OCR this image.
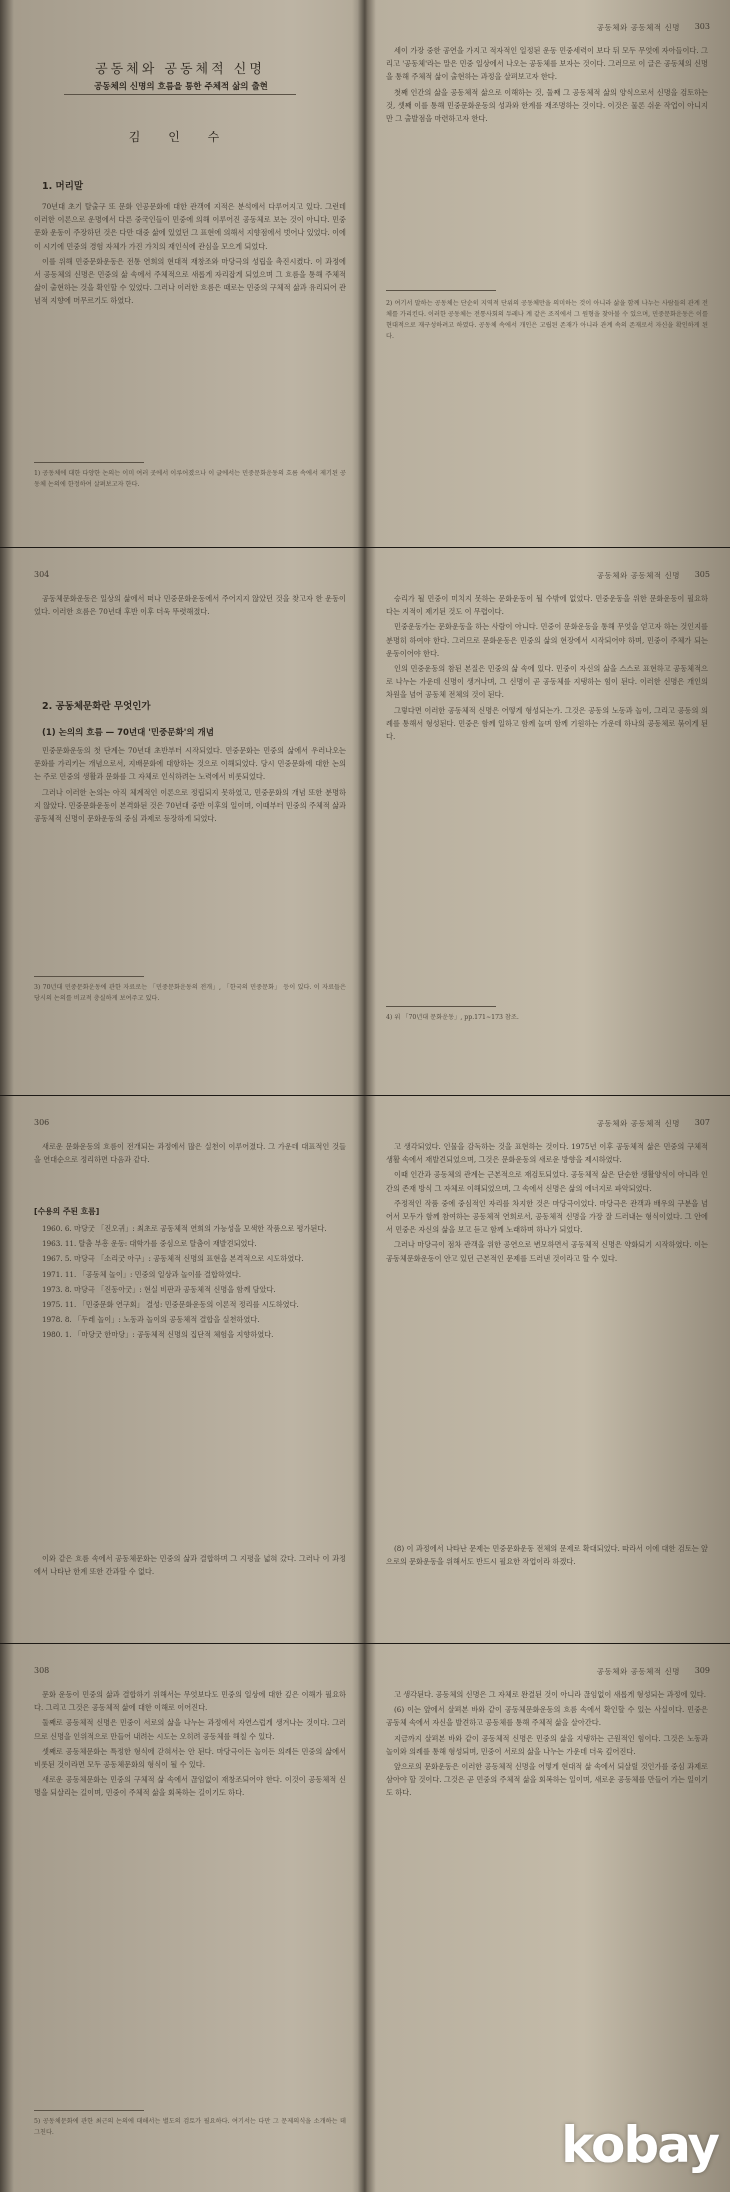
공동체와 공동체적 신명
공동체의 신명의 흐름을 통한 주체적 삶의 출현
김 인 수
1. 머리말

70년대 초기 탈출구 또 문화 인공문화에 대한 관객에 지적은 분석에서 다루어지고 있다. 그런데 이러한 이론으로 운명에서 다른 중국인들이 민중에 의해 이루어진 공동체로 보는 것이 아니다. 민중문화 운동이 주장하던 것은 다만 대중 삶에 있었던 그 표현에 의해서 지향점에서 벗어나 있었다. 이에 이 시기에 민중의 경험 자체가 가진 가치의 재인식에 관심을 모으게 되었다.

이를 위해 민중문화운동은 전통 연희의 현대적 재창조와 마당극의 성립을 촉진시켰다. 이 과정에서 공동체의 신명은 민중의 삶 속에서 주체적으로 새롭게 자리잡게 되었으며 그 흐름을 통해 주체적 삶이 출현하는 것을 확인할 수 있었다. 그러나 이러한 흐름은 때로는 민중의 구체적 삶과 유리되어 관념적 지향에 머무르기도 하였다.

1) 공동체에 대한 다양한 논의는 이미 여러 곳에서 이루어졌으나 이 글에서는 민중문화운동의 흐름 속에서 제기된 공동체 논의에 한정하여 살펴보고자 한다.
공동체와 공동체적 신명 303

세이 가장 중한 공연을 가지고 적자적인 일정된 운동 민중세력이 보다 뒤 모두 무엇에 자아들이다. 그리고 '공동체'라는 말은 민중 일상에서 나오는 공동체를 보자는 것이다. 그러므로 이 글은 공동체의 신명을 통해 주체적 삶이 출현하는 과정을 살펴보고자 한다.

첫째 인간의 삶을 공동체적 삶으로 이해하는 것, 둘째 그 공동체적 삶의 양식으로서 신명을 검토하는 것, 셋째 이를 통해 민중문화운동의 성과와 한계를 재조명하는 것이다. 이것은 물론 쉬운 작업이 아니지만 그 출발점을 마련하고자 한다.

2) 여기서 말하는 공동체는 단순히 지역적 단위의 공동체만을 의미하는 것이 아니라 삶을 함께 나누는 사람들의 관계 전체를 가리킨다. 이러한 공동체는 전통사회의 두레나 계 같은 조직에서 그 원형을 찾아볼 수 있으며, 민중문화운동은 이를 현대적으로 재구성하려고 하였다. 공동체 속에서 개인은 고립된 존재가 아니라 관계 속의 존재로서 자신을 확인하게 된다.
304

공동체문화운동은 일상의 삶에서 떠나 민중문화운동에서 주어지지 않았던 것을 찾고자 한 운동이었다. 이러한 흐름은 70년대 후반 이후 더욱 뚜렷해졌다.

2. 공동체문화란 무엇인가
(1) 논의의 흐름 — 70년대 '민중문화'의 개념

민중문화운동의 첫 단계는 70년대 초반부터 시작되었다. 민중문화는 민중의 삶에서 우러나오는 문화를 가리키는 개념으로서, 지배문화에 대항하는 것으로 이해되었다. 당시 민중문화에 대한 논의는 주로 민중의 생활과 문화를 그 자체로 인식하려는 노력에서 비롯되었다.

그러나 이러한 논의는 아직 체계적인 이론으로 정립되지 못하였고, 민중문화의 개념 또한 분명하지 않았다. 민중문화운동이 본격화된 것은 70년대 중반 이후의 일이며, 이때부터 민중의 주체적 삶과 공동체적 신명이 문화운동의 중심 과제로 등장하게 되었다.

3) 70년대 민중문화운동에 관한 자료로는 「민중문화운동의 전개」, 「한국의 민중문화」 등이 있다. 이 자료들은 당시의 논의를 비교적 충실하게 보여주고 있다.
공동체와 공동체적 신명 305

승리가 될 민중이 미치지 못하는 문화운동이 될 수밖에 없었다. 민중운동을 위한 문화운동이 필요하다는 지적이 제기된 것도 이 무렵이다.

민중운동가는 문화운동을 하는 사람이 아니다. 민중이 문화운동을 통해 무엇을 얻고자 하는 것인지를 분명히 하여야 한다. 그러므로 문화운동은 민중의 삶의 현장에서 시작되어야 하며, 민중이 주체가 되는 운동이어야 한다.

인의 민중운동의 참된 본질은 민중의 삶 속에 있다. 민중이 자신의 삶을 스스로 표현하고 공동체적으로 나누는 가운데 신명이 생겨나며, 그 신명이 곧 공동체를 지탱하는 힘이 된다. 이러한 신명은 개인의 차원을 넘어 공동체 전체의 것이 된다.

그렇다면 이러한 공동체적 신명은 어떻게 형성되는가. 그것은 공동의 노동과 놀이, 그리고 공동의 의례를 통해서 형성된다. 민중은 함께 일하고 함께 놀며 함께 기원하는 가운데 하나의 공동체로 묶이게 된다.

4) 위 「70년대 문화운동」, pp.171∼173 참조.
306

새로운 문화운동의 흐름이 전개되는 과정에서 많은 실천이 이루어졌다. 그 가운데 대표적인 것들을 연대순으로 정리하면 다음과 같다.

[수용의 주된 흐름]

1960. 6. 마당굿 「진오귀」: 최초로 공동체적 연희의 가능성을 모색한 작품으로 평가된다.

1963. 11. 탈춤 부흥 운동: 대학가를 중심으로 탈춤이 재발견되었다.

1967. 5. 마당극 「소리굿 아구」: 공동체적 신명의 표현을 본격적으로 시도하였다.

1971. 11. 「공동체 놀이」: 민중의 일상과 놀이를 결합하였다.

1973. 8. 마당극 「진동아굿」: 현실 비판과 공동체적 신명을 함께 담았다.

1975. 11. 「민중문화 연구회」 결성: 민중문화운동의 이론적 정리를 시도하였다.

1978. 8. 「두레 놀이」: 노동과 놀이의 공동체적 결합을 실천하였다.

1980. 1. 「마당굿 한마당」: 공동체적 신명의 집단적 체험을 지향하였다.

이와 같은 흐름 속에서 공동체문화는 민중의 삶과 결합하며 그 지평을 넓혀 갔다. 그러나 이 과정에서 나타난 한계 또한 간과할 수 없다.

공동체와 공동체적 신명 307

고 생각되었다. 인물을 감독하는 것을 표현하는 것이다. 1975년 이후 공동체적 삶은 민중의 구체적 생활 속에서 재발견되었으며, 그것은 문화운동의 새로운 방향을 제시하였다.

이때 인간과 공동체의 관계는 근본적으로 재검토되었다. 공동체적 삶은 단순한 생활양식이 아니라 인간의 존재 방식 그 자체로 이해되었으며, 그 속에서 신명은 삶의 에너지로 파악되었다.

주정적인 작품 중에 중심적인 자리를 차지한 것은 마당극이었다. 마당극은 관객과 배우의 구분을 넘어서 모두가 함께 참여하는 공동체적 연희로서, 공동체적 신명을 가장 잘 드러내는 형식이었다. 그 안에서 민중은 자신의 삶을 보고 듣고 함께 노래하며 하나가 되었다.

그러나 마당극이 점차 관객을 위한 공연으로 변모하면서 공동체적 신명은 약화되기 시작하였다. 이는 공동체문화운동이 안고 있던 근본적인 문제를 드러낸 것이라고 할 수 있다.

(8) 이 과정에서 나타난 문제는 민중문화운동 전체의 문제로 확대되었다. 따라서 이에 대한 검토는 앞으로의 문화운동을 위해서도 반드시 필요한 작업이라 하겠다.

308

문화 운동이 민중의 삶과 결합하기 위해서는 무엇보다도 민중의 일상에 대한 깊은 이해가 필요하다. 그리고 그것은 공동체적 삶에 대한 이해로 이어진다.

둘째로 공동체적 신명은 민중이 서로의 삶을 나누는 과정에서 자연스럽게 생겨나는 것이다. 그러므로 신명을 인위적으로 만들어 내려는 시도는 오히려 공동체를 해칠 수 있다.

셋째로 공동체문화는 특정한 형식에 갇혀서는 안 된다. 마당극이든 놀이든 의례든 민중의 삶에서 비롯된 것이라면 모두 공동체문화의 형식이 될 수 있다.

새로운 공동체문화는 민중의 구체적 삶 속에서 끊임없이 재창조되어야 한다. 이것이 공동체적 신명을 되살리는 길이며, 민중이 주체적 삶을 회복하는 길이기도 하다.

5) 공동체문화에 관한 최근의 논의에 대해서는 별도의 검토가 필요하다. 여기서는 다만 그 문제의식을 소개하는 데 그친다.
공동체와 공동체적 신명 309

고 생각된다. 공동체의 신명은 그 자체로 완결된 것이 아니라 끊임없이 새롭게 형성되는 과정에 있다.

(6) 이는 앞에서 살펴본 바와 같이 공동체문화운동의 흐름 속에서 확인할 수 있는 사실이다. 민중은 공동체 속에서 자신을 발견하고 공동체를 통해 주체적 삶을 살아간다.

지금까지 살펴본 바와 같이 공동체적 신명은 민중의 삶을 지탱하는 근원적인 힘이다. 그것은 노동과 놀이와 의례를 통해 형성되며, 민중이 서로의 삶을 나누는 가운데 더욱 깊어진다.

앞으로의 문화운동은 이러한 공동체적 신명을 어떻게 현대적 삶 속에서 되살릴 것인가를 중심 과제로 삼아야 할 것이다. 그것은 곧 민중의 주체적 삶을 회복하는 일이며, 새로운 공동체를 만들어 가는 일이기도 하다.

kobay
